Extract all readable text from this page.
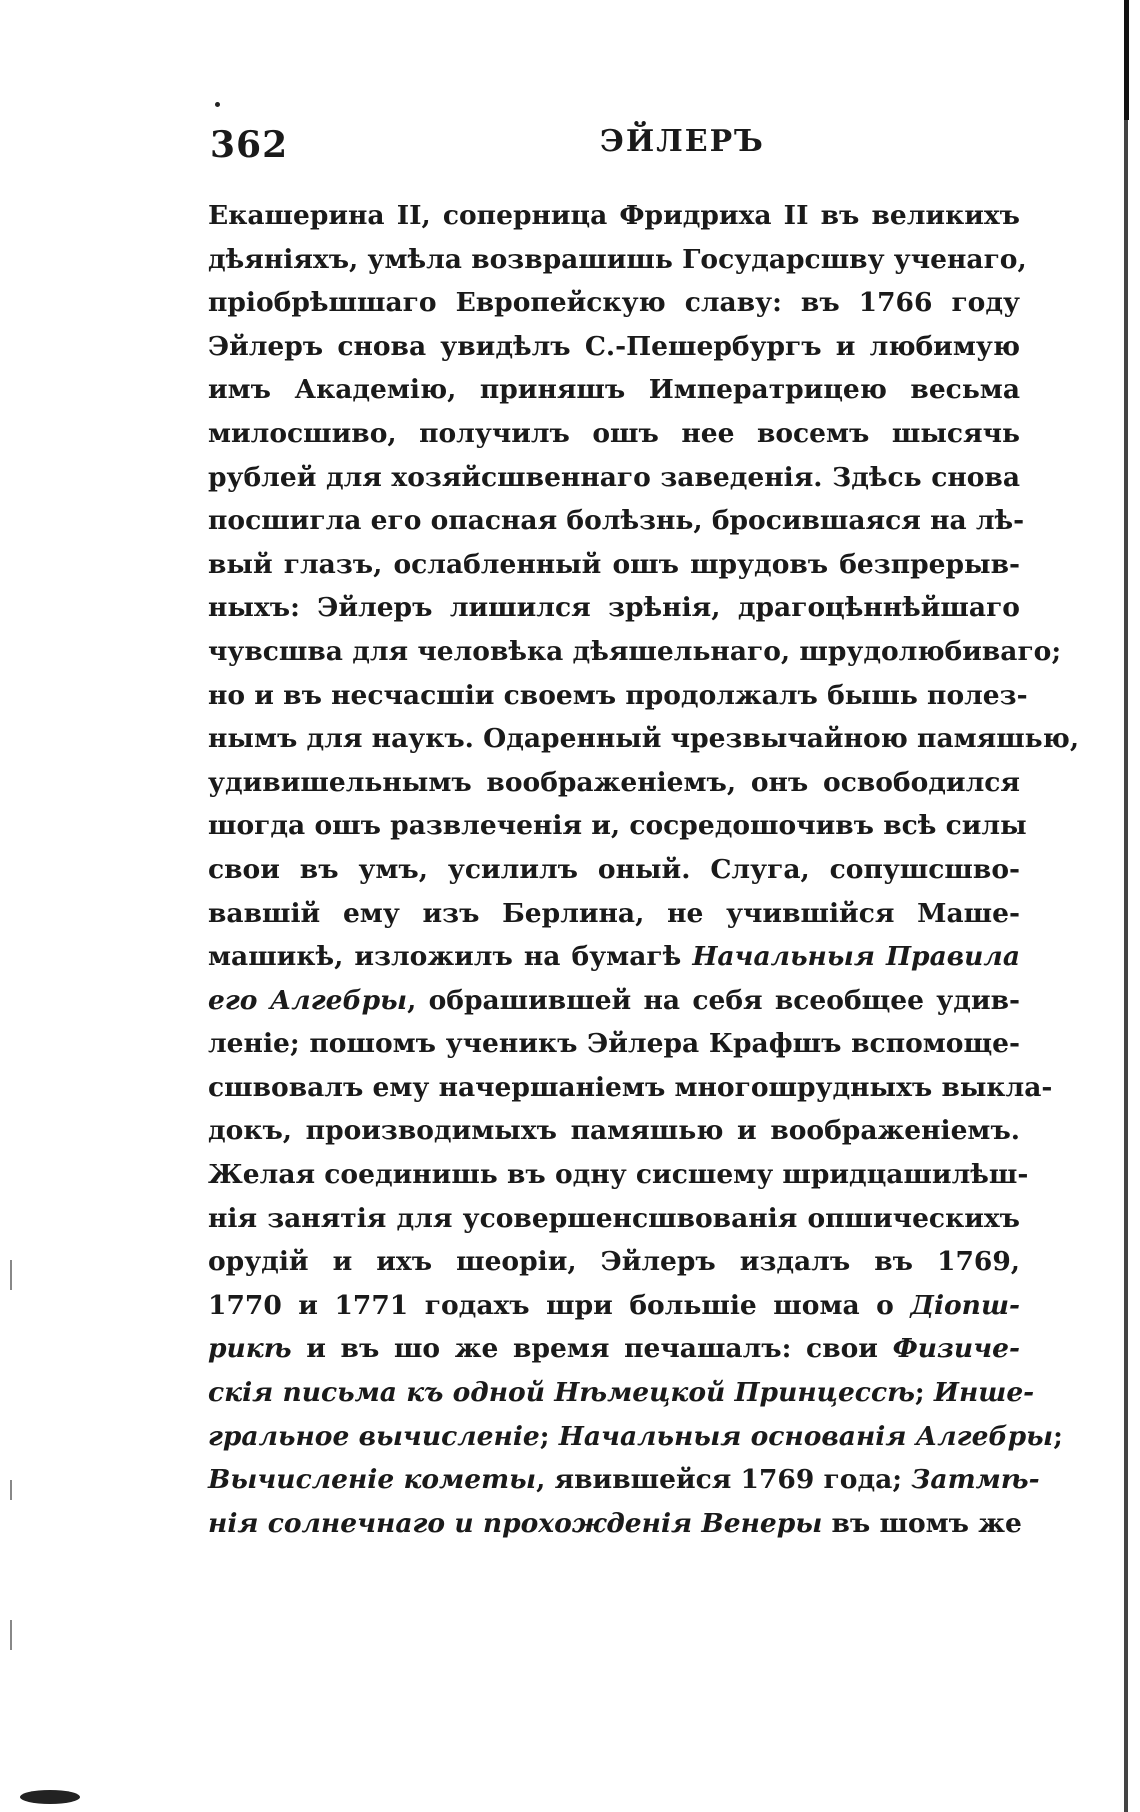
362	ЭЙЛЕРЪ
Екашерина II, соперница Фридриха II въ великихъ
дѣяніяхъ, умѣла возврашишь Государсшву ученаго,
пріобрѣшшаго Европейскую славу: въ 1766 году
Эйлеръ снова увидѣлъ С.-Пешербургъ и любимую
имъ Академію, приняшъ Императрицею весьма
милосшиво, получилъ ошъ нее восемъ шысячь
рублей для хозяйсшвеннаго заведенія. Здѣсь снова
посшигла его опасная болѣзнь, бросившаяся на лѣ-
вый глазъ, ослабленный ошъ шрудовъ безпрерыв-
ныхъ: Эйлеръ лишился зрѣнія, драгоцѣннѣйшаго
чувсшва для человѣка дѣяшельнаго, шрудолюбиваго;
но и въ несчасшіи своемъ продолжалъ бышь полез-
нымъ для наукъ. Одаренный чрезвычайною памяшью,
удивишельнымъ воображеніемъ, онъ освободился
шогда ошъ развлеченія и, сосредошочивъ всѣ силы
свои въ умъ, усилилъ оный. Слуга, сопушсшво-
вавшій ему изъ Берлина, не учившійся Машe-
машикѣ, изложилъ на бумагѣ Начальныя Правила
его Алгебры, обрашившей на себя всеобщее удив-
леніе; пошомъ ученикъ Эйлера Крафшъ вспомоще-
сшвовалъ ему начершаніемъ многошрудныхъ выкла-
докъ, производимыхъ памяшью и воображеніемъ.
Желая соединишь въ одну сисшему шридцашилѣш-
нія занятія для усовершенсшвованія опшическихъ
орудій и ихъ шеоріи, Эйлеръ издалъ въ 1769,
1770 и 1771 годахъ шри большіе шома о Діопш-
рикѣ и въ шо же время печашалъ: свои Физиче-
скія письма къ одной Нѣмецкой Принцессѣ; Инше-
гральное вычисленіе; Начальныя основанія Алгебры;
Вычисленіе кометы, явившейся 1769 года; Затмѣ-
нія солнечнаго и прохожденія Венеры въ шомъ же
